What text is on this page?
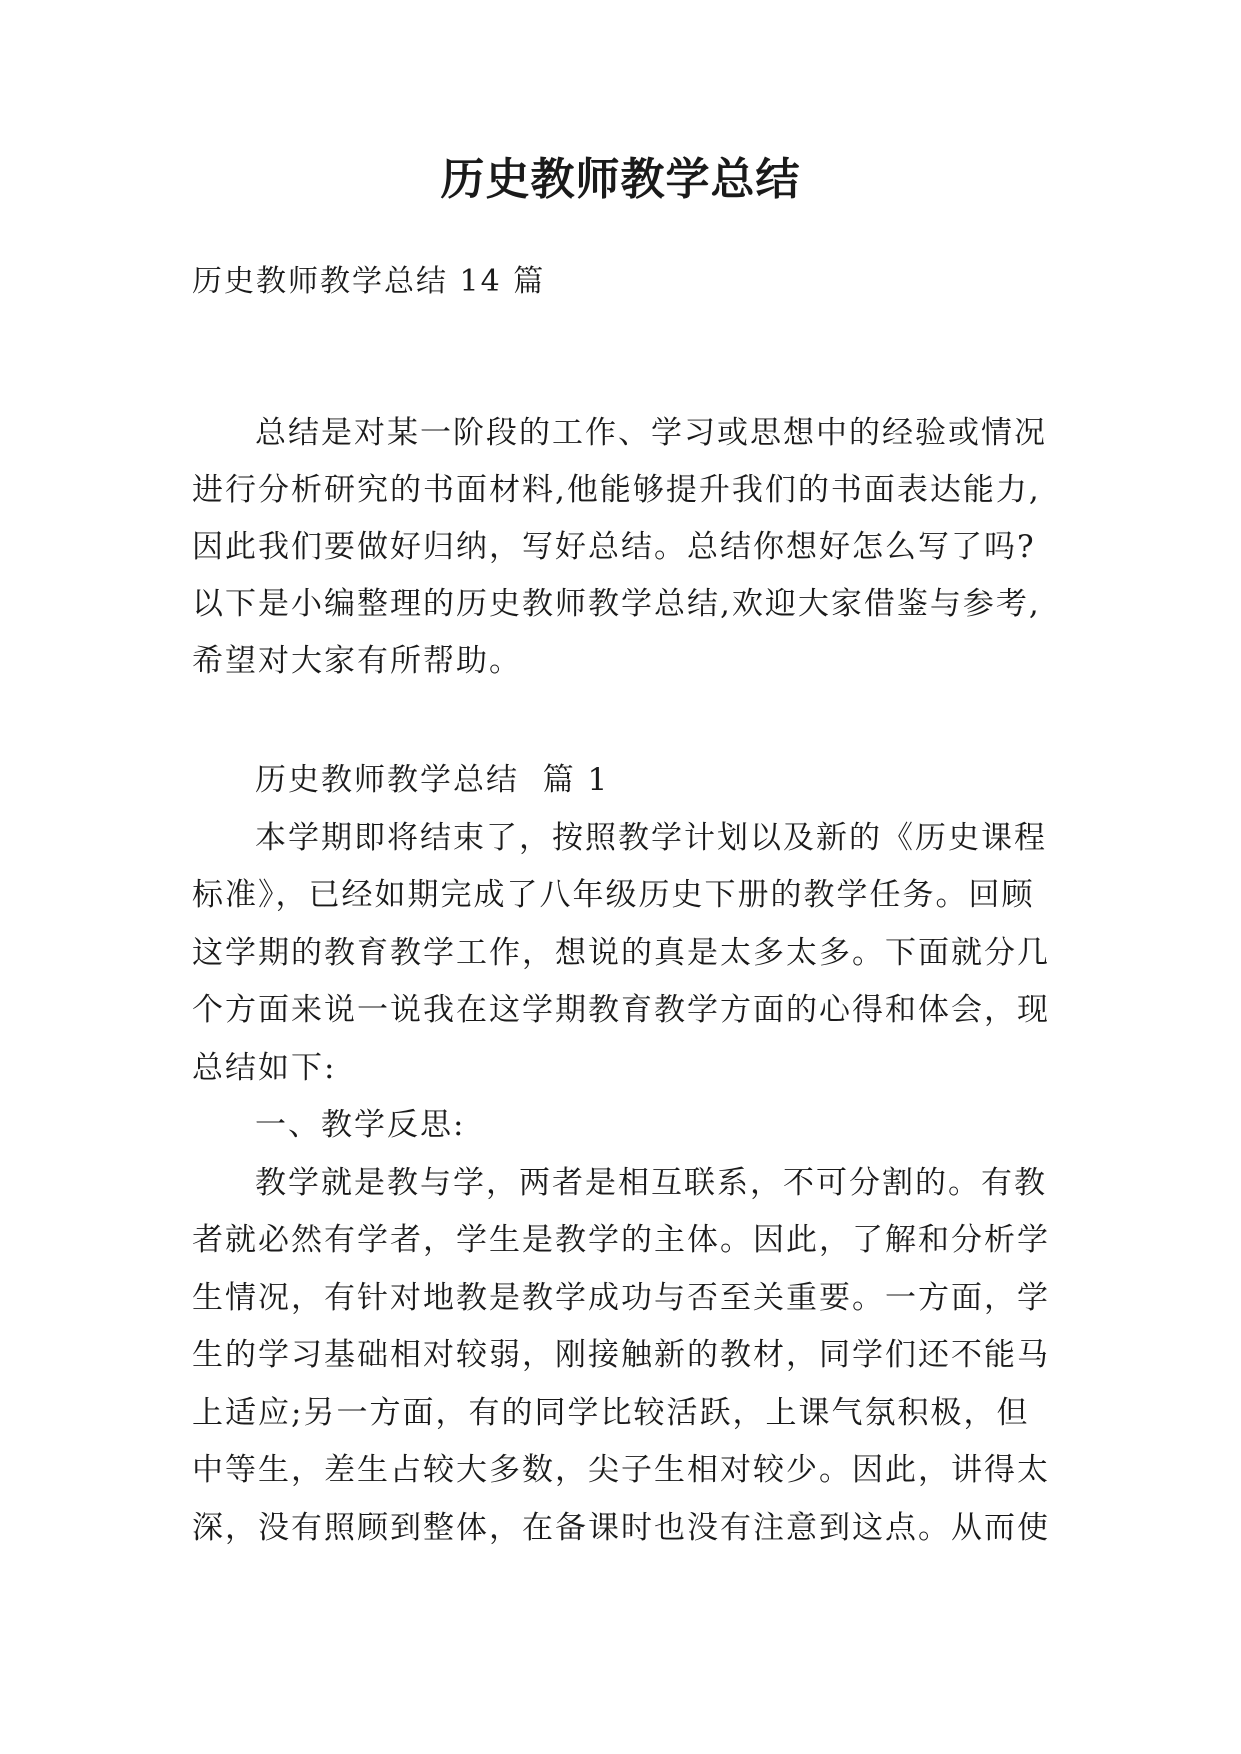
历史教师教学总结

历史教师教学总结 14 篇

总结是对某一阶段的工作、学习或思想中的经验或情况
进行分析研究的书面材料,他能够提升我们的书面表达能力,
因此我们要做好归纳，写好总结。总结你想好怎么写了吗?
以下是小编整理的历史教师教学总结,欢迎大家借鉴与参考,
希望对大家有所帮助。
历史教师教学总结  篇 1
本学期即将结束了，按照教学计划以及新的《历史课程
标准》，已经如期完成了八年级历史下册的教学任务。回顾
这学期的教育教学工作，想说的真是太多太多。下面就分几
个方面来说一说我在这学期教育教学方面的心得和体会，现
总结如下:
一、教学反思:
教学就是教与学，两者是相互联系，不可分割的。有教
者就必然有学者，学生是教学的主体。因此，了解和分析学
生情况，有针对地教是教学成功与否至关重要。一方面，学
生的学习基础相对较弱，刚接触新的教材，同学们还不能马
上适应;另一方面，有的同学比较活跃，上课气氛积极，但
中等生，差生占较大多数，尖子生相对较少。因此，讲得太
深，没有照顾到整体，在备课时也没有注意到这点。从而使
